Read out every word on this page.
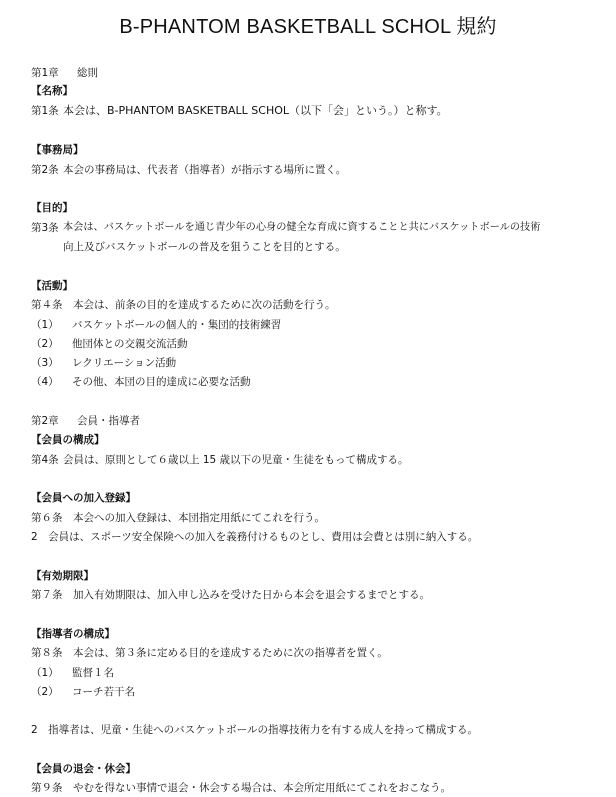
B-PHANTOM BASKETBALL SCHOL 規約
第1章 総則
【名称】
第1条 本会は、B-PHANTOM BASKETBALL SCHOL（以下「会」という。）と称す。
【事務局】
第2条 本会の事務局は、代表者（指導者）が指示する場所に置く。
【目的】
第3条 本会は、バスケットボールを通じ青少年の心身の健全な育成に資することと共にバスケットボールの技術
向上及びバスケットボールの普及を狙うことを目的とする。
【活動】
第４条　本会は、前条の目的を達成するために次の活動を行う。
（1） バスケットボールの個人的・集団的技術練習
（2） 他団体との交親交流活動
（3） レクリエーション活動
（4） その他、本団の目的達成に必要な活動
第2章 会員・指導者
【会員の構成】
第4条 会員は、原則として６歳以上 15 歳以下の児童・生徒をもって構成する。
【会員への加入登録】
第６条　本会への加入登録は、本団指定用紙にてこれを行う。
2　会員は、スポーツ安全保険への加入を義務付けるものとし、費用は会費とは別に納入する。
【有効期限】
第７条　加入有効期限は、加入申し込みを受けた日から本会を退会するまでとする。
【指導者の構成】
第８条　本会は、第３条に定める目的を達成するために次の指導者を置く。
（1） 監督１名
（2） コーチ若干名
2　指導者は、児童・生徒へのバスケットボールの指導技術力を有する成人を持って構成する。
【会員の退会・休会】
第９条　やむを得ない事情で退会・休会する場合は、本会所定用紙にてこれをおこなう。
